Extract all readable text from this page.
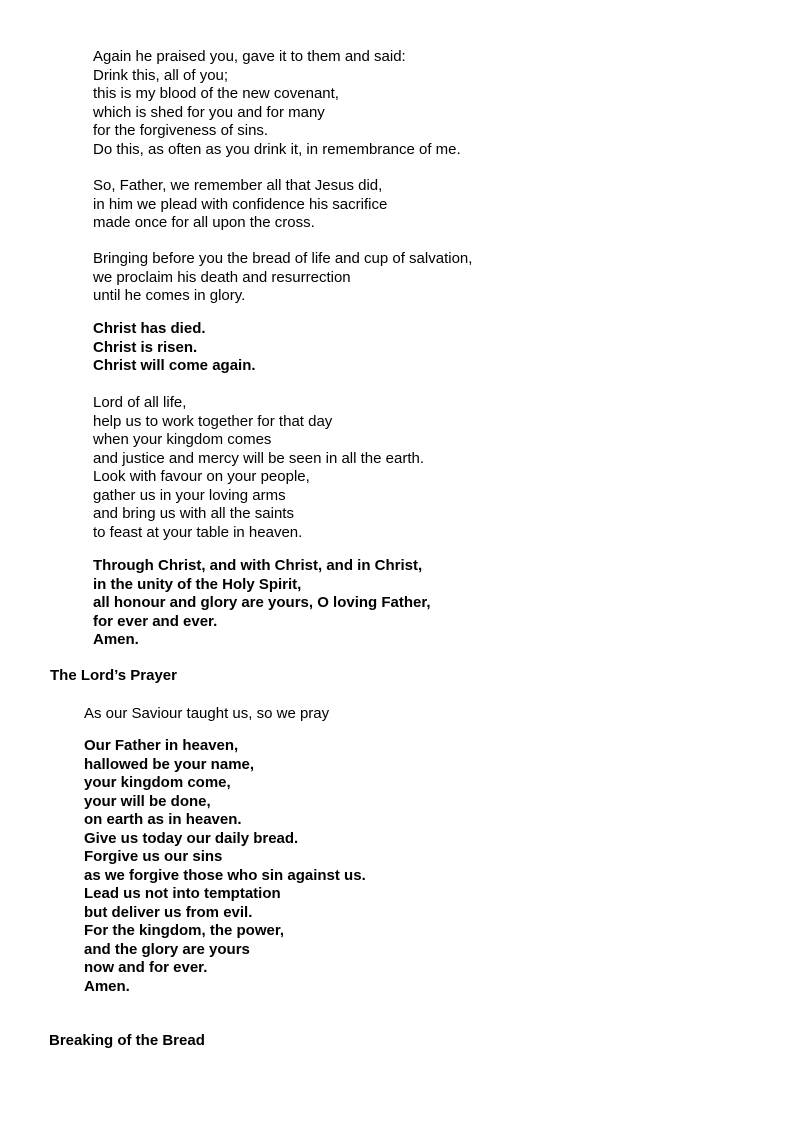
Again he praised you, gave it to them and said:
Drink this, all of you;
this is my blood of the new covenant,
which is shed for you and for many
for the forgiveness of sins.
Do this, as often as you drink it, in remembrance of me.
So, Father, we remember all that Jesus did,
in him we plead with confidence his sacrifice
made once for all upon the cross.
Bringing before you the bread of life and cup of salvation,
we proclaim his death and resurrection
until he comes in glory.
Christ has died.
Christ is risen.
Christ will come again.
Lord of all life,
help us to work together for that day
when your kingdom comes
and justice and mercy will be seen in all the earth.
Look with favour on your people,
gather us in your loving arms
and bring us with all the saints
to feast at your table in heaven.
Through Christ, and with Christ, and in Christ,
in the unity of the Holy Spirit,
all honour and glory are yours, O loving Father,
for ever and ever.
Amen.
The Lord’s Prayer
As our Saviour taught us, so we pray
Our Father in heaven,
hallowed be your name,
your kingdom come,
your will be done,
on earth as in heaven.
Give us today our daily bread.
Forgive us our sins
as we forgive those who sin against us.
Lead us not into temptation
but deliver us from evil.
For the kingdom, the power,
and the glory are yours
now and for ever.
Amen.
Breaking of the Bread
